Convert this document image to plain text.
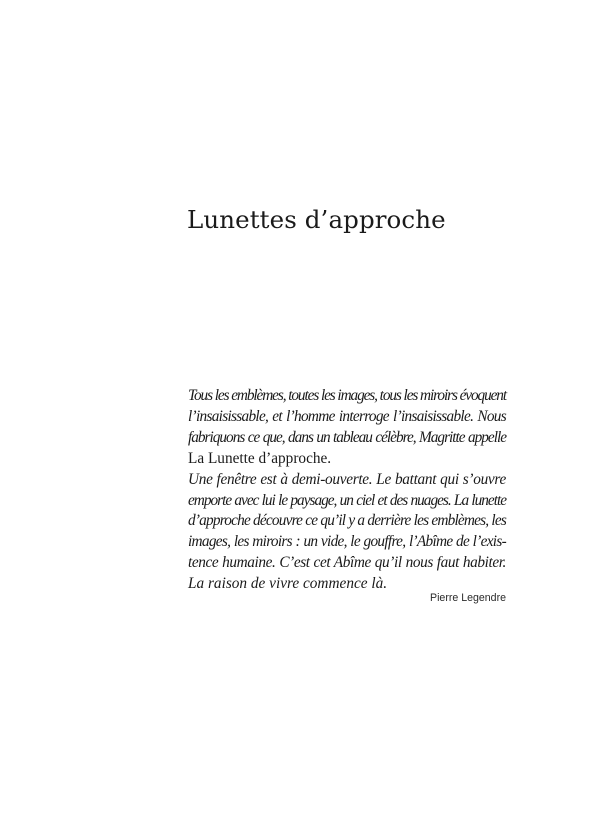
Lunettes d’approche
Tous les emblèmes, toutes les images, tous les miroirs évoquent
l’insaisissable, et l’homme interroge l’insaisissable. Nous
fabriquons ce que, dans un tableau célèbre, Magritte appelle
La Lunette d’approche.
Une fenêtre est à demi-ouverte. Le battant qui s’ouvre
emporte avec lui le paysage, un ciel et des nuages. La lunette
d’approche découvre ce qu’il y a derrière les emblèmes, les
images, les miroirs : un vide, le gouffre, l’Abîme de l’exis-
tence humaine. C’est cet Abîme qu’il nous faut habiter.
La raison de vivre commence là.
Pierre Legendre
